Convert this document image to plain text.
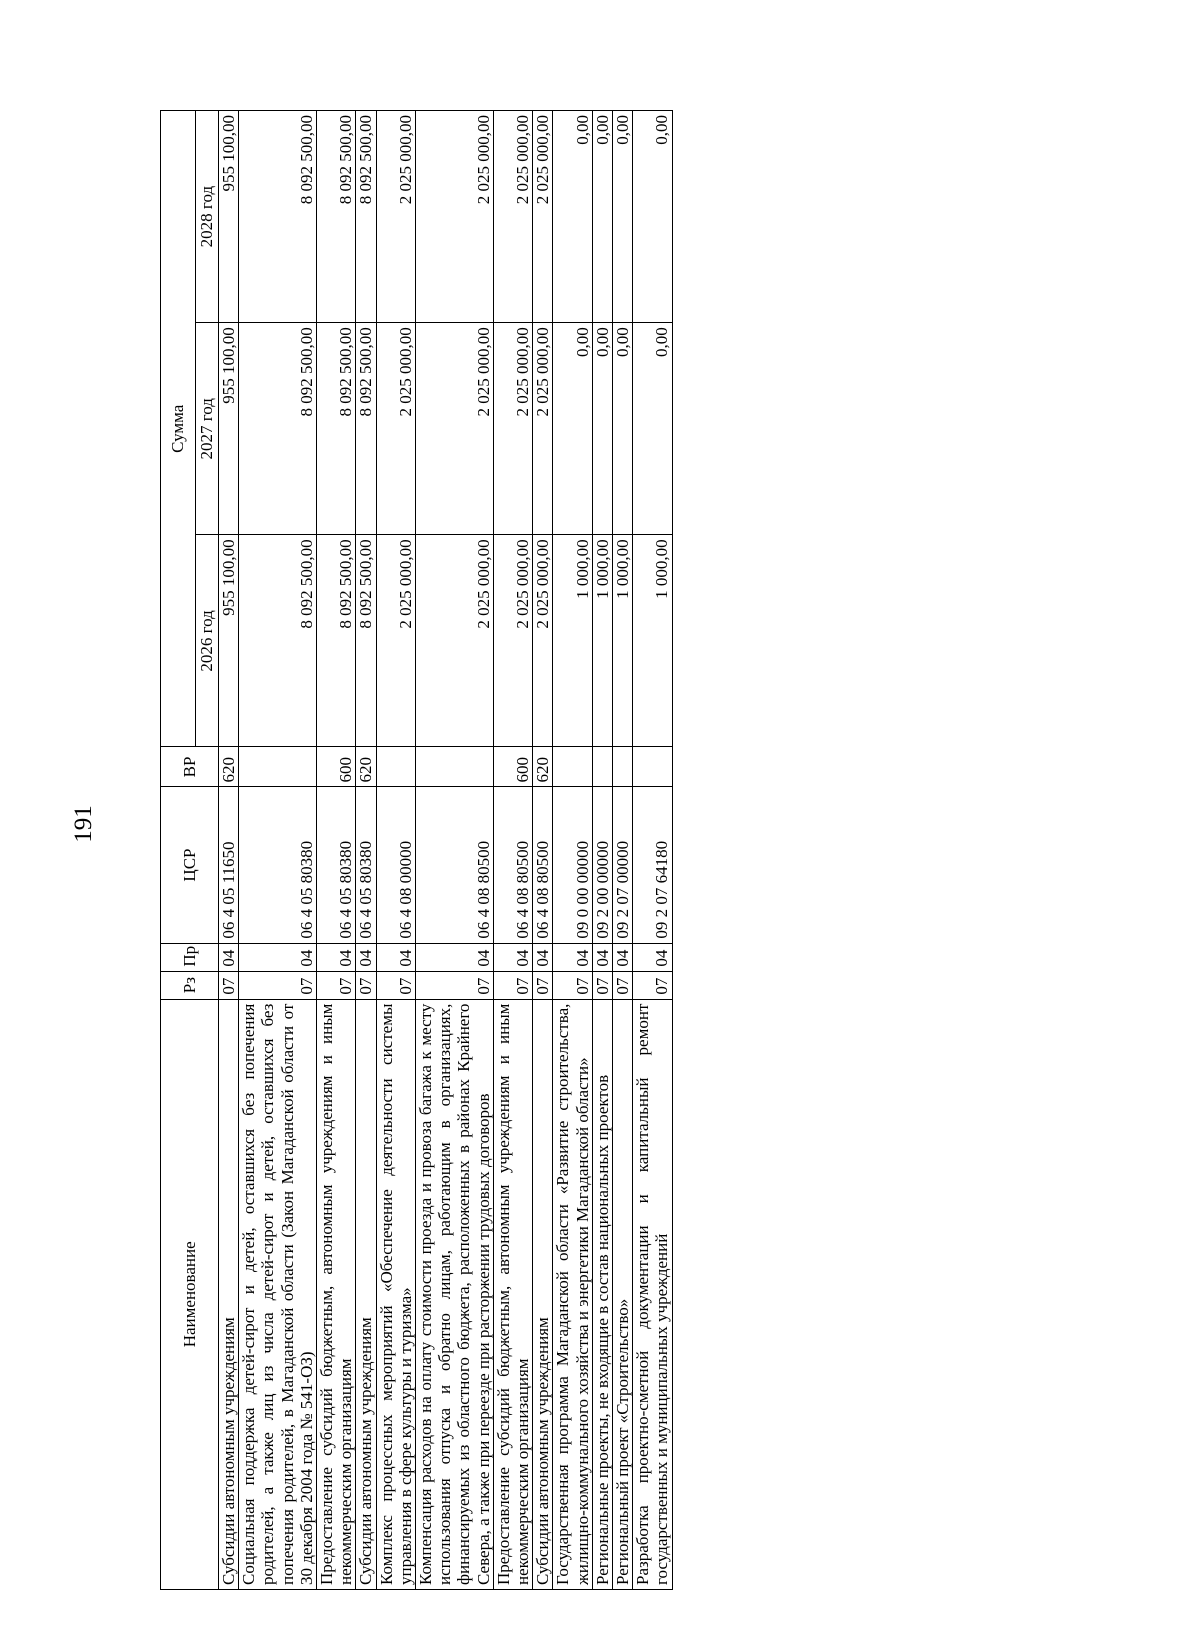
191
Наименование	Рз	Пр	ЦСР	ВР	Сумма		
					2026 год	2027 год	2028 год
Субсидии автономным учреждениям	07	04	06 4 05 11650	620	955 100,00	955 100,00	955 100,00
Социальная поддержка детей-сирот и детей, оставшихся без попечения родителей, а также лиц из числа детей-сирот и детей, оставшихся без попечения родителей, в Магаданской области (Закон Магаданской области от 30 декабря 2004 года № 541-ОЗ)	07	04	06 4 05 80380		8 092 500,00	8 092 500,00	8 092 500,00
Предоставление субсидий бюджетным, автономным учреждениям и иным некоммерческим организациям	07	04	06 4 05 80380	600	8 092 500,00	8 092 500,00	8 092 500,00
Субсидии автономным учреждениям	07	04	06 4 05 80380	620	8 092 500,00	8 092 500,00	8 092 500,00
Комплекс процессных мероприятий «Обеспечение деятельности системы управления в сфере культуры и туризма»	07	04	06 4 08 00000		2 025 000,00	2 025 000,00	2 025 000,00
Компенсация расходов на оплату стоимости проезда и провоза багажа к месту использования отпуска и обратно лицам, работающим в организациях, финансируемых из областного бюджета, расположенных в районах Крайнего Севера, а также при переезде при расторжении трудовых договоров	07	04	06 4 08 80500		2 025 000,00	2 025 000,00	2 025 000,00
Предоставление субсидий бюджетным, автономным учреждениям и иным некоммерческим организациям	07	04	06 4 08 80500	600	2 025 000,00	2 025 000,00	2 025 000,00
Субсидии автономным учреждениям	07	04	06 4 08 80500	620	2 025 000,00	2 025 000,00	2 025 000,00
Государственная программа Магаданской области «Развитие строительства, жилищно-коммунального хозяйства и энергетики Магаданской области»	07	04	09 0 00 00000		1 000,00	0,00	0,00
Региональные проекты, не входящие в состав национальных проектов	07	04	09 2 00 00000		1 000,00	0,00	0,00
Региональный проект «Строительство»	07	04	09 2 07 00000		1 000,00	0,00	0,00
Разработка проектно-сметной документации и капитальный ремонт государственных и муниципальных учреждений	07	04	09 2 07 64180		1 000,00	0,00	0,00
